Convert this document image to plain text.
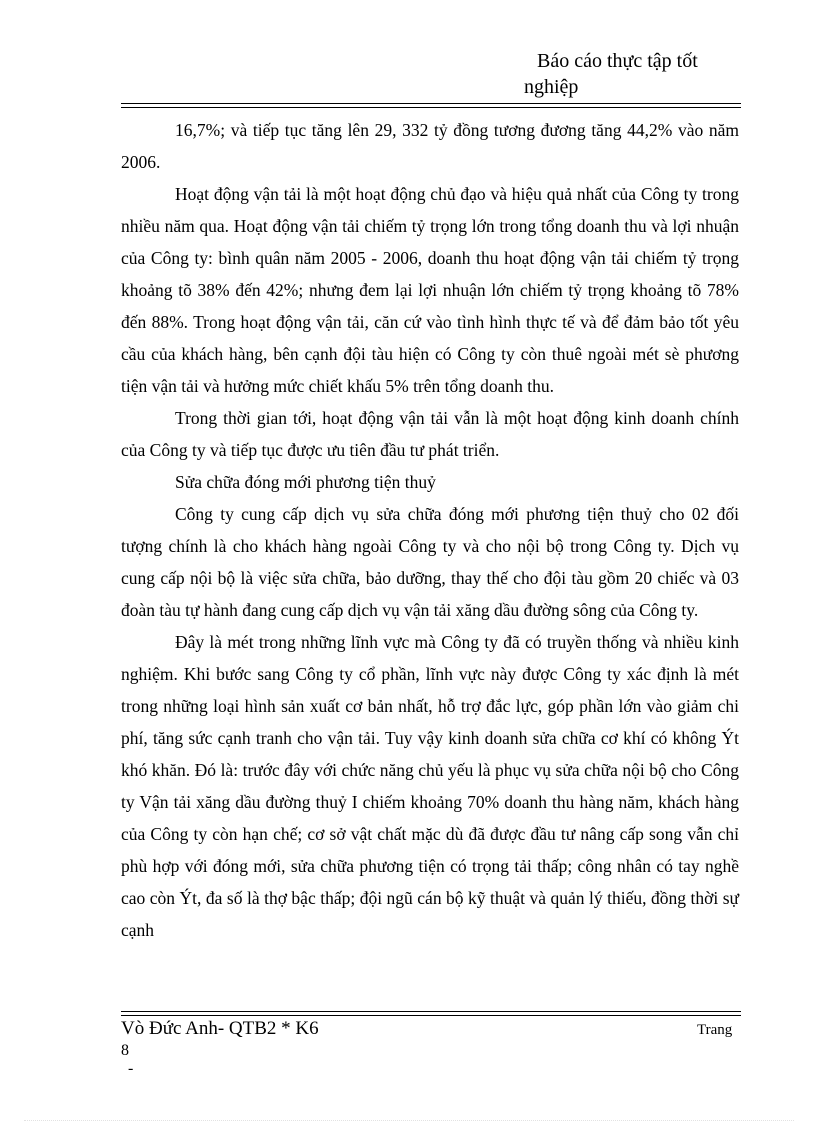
Báo cáo thực tập tốt
nghiệp

16,7%; và tiếp tục tăng lên 29, 332 tỷ đồng tương đương tăng 44,2% vào năm 2006.

Hoạt động vận tải là một hoạt động chủ đạo và hiệu quả nhất của Công ty trong nhiều năm qua. Hoạt động vận tải chiếm tỷ trọng lớn trong tổng doanh thu và lợi nhuận của Công ty: bình quân năm 2005 - 2006, doanh thu hoạt động vận tải chiếm tỷ trọng khoảng tõ 38% đến 42%; nhưng đem lại lợi nhuận lớn chiếm tỷ trọng khoảng tõ 78% đến 88%. Trong hoạt động vận tải, căn cứ vào tình hình thực tế và để đảm bảo tốt yêu cầu của khách hàng, bên cạnh đội tàu hiện có Công ty còn thuê ngoài mét sè phương tiện vận tải và hưởng mức chiết khấu 5% trên tổng doanh thu.

Trong thời gian tới, hoạt động vận tải vẫn là một hoạt động kinh doanh chính của Công ty và tiếp tục được ưu tiên đầu tư phát triển.

Sửa chữa đóng mới phương tiện thuỷ

Công ty cung cấp dịch vụ sửa chữa đóng mới phương tiện thuỷ cho 02 đối tượng chính là cho khách hàng ngoài Công ty và cho nội bộ trong Công ty. Dịch vụ cung cấp nội bộ là việc sửa chữa, bảo dưỡng, thay thế cho đội tàu gồm 20 chiếc và 03 đoàn tàu tự hành đang cung cấp dịch vụ vận tải xăng dầu đường sông của Công ty.

Đây là mét trong những lĩnh vực mà Công ty đã có truyền thống và nhiều kinh nghiệm. Khi bước sang Công ty cổ phần, lĩnh vực này được Công ty xác định là mét trong những loại hình sản xuất cơ bản nhất, hỗ trợ đắc lực, góp phần lớn vào giảm chi phí, tăng sức cạnh tranh cho vận tải. Tuy vậy kinh doanh sửa chữa cơ khí có không Ýt khó khăn. Đó là: trước đây với chức năng chủ yếu là phục vụ sửa chữa nội bộ cho Công ty Vận tải xăng dầu đường thuỷ I chiếm khoảng 70% doanh thu hàng năm, khách hàng của Công ty còn hạn chế; cơ sở vật chất mặc dù đã được đầu tư nâng cấp song vẫn chỉ phù hợp với đóng mới, sửa chữa phương tiện có trọng tải thấp; công nhân có tay nghề cao còn Ýt, đa số là thợ bậc thấp; đội ngũ cán bộ kỹ thuật và quản lý thiếu, đồng thời sự cạnh

Vò Đức Anh- QTB2 * K6	Trang
8
-
